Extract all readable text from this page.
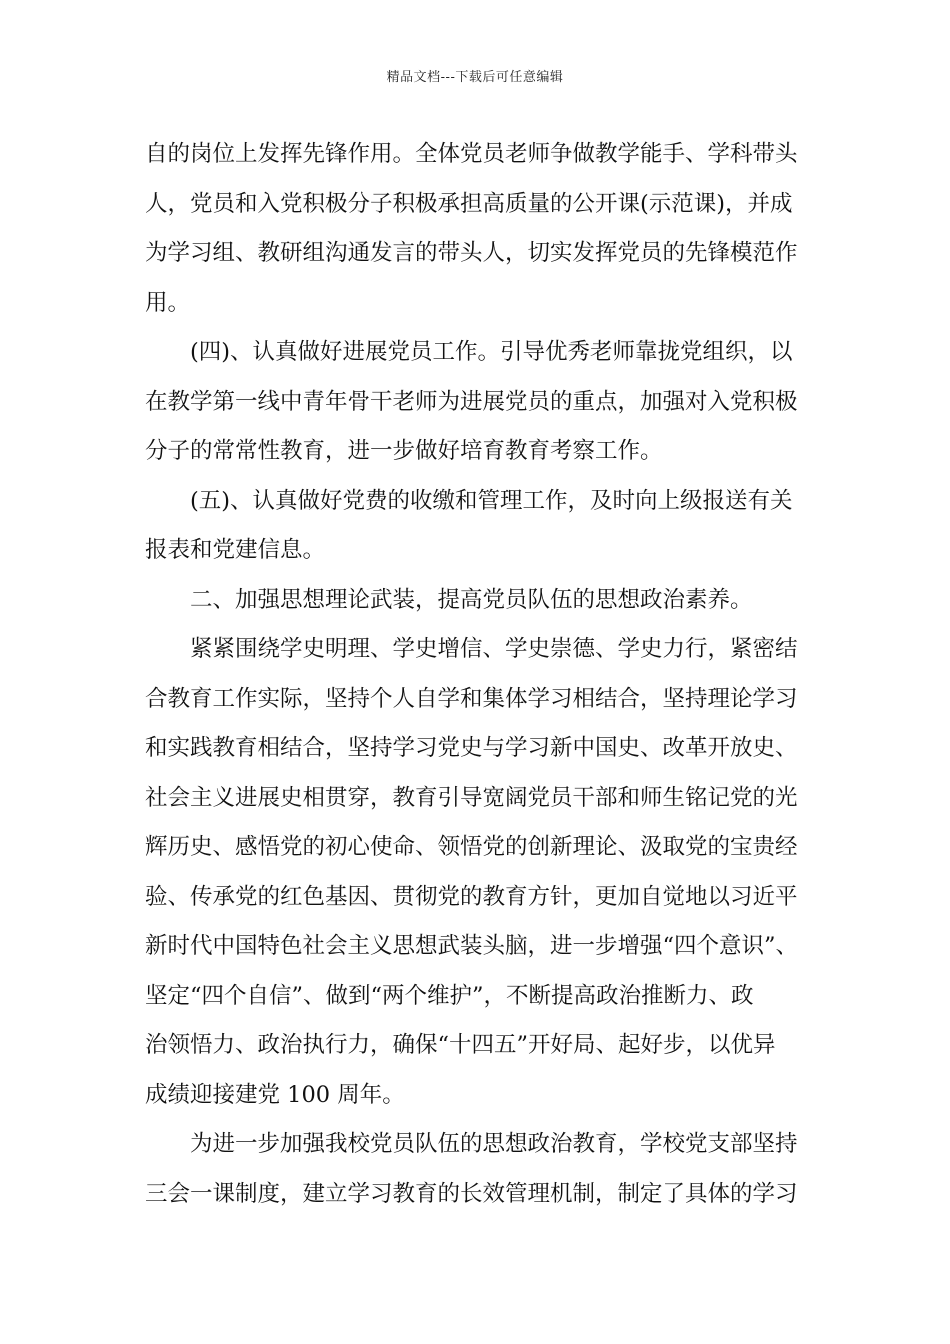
精品文档---下载后可任意编辑
自的岗位上发挥先锋作用。全体党员老师争做教学能手、学科带头
人，党员和入党积极分子积极承担高质量的公开课(示范课)，并成
为学习组、教研组沟通发言的带头人，切实发挥党员的先锋模范作
用。
(四)、认真做好进展党员工作。引导优秀老师靠拢党组织，以
在教学第一线中青年骨干老师为进展党员的重点，加强对入党积极
分子的常常性教育，进一步做好培育教育考察工作。
(五)、认真做好党费的收缴和管理工作，及时向上级报送有关
报表和党建信息。
二、加强思想理论武装，提高党员队伍的思想政治素养。
紧紧围绕学史明理、学史增信、学史崇德、学史力行，紧密结
合教育工作实际，坚持个人自学和集体学习相结合，坚持理论学习
和实践教育相结合，坚持学习党史与学习新中国史、改革开放史、
社会主义进展史相贯穿，教育引导宽阔党员干部和师生铭记党的光
辉历史、感悟党的初心使命、领悟党的创新理论、汲取党的宝贵经
验、传承党的红色基因、贯彻党的教育方针，更加自觉地以习近平
新时代中国特色社会主义思想武装头脑，进一步增强“四个意识”、
坚定“四个自信”、做到“两个维护”，不断提高政治推断力、政
治领悟力、政治执行力，确保“十四五”开好局、起好步，以优异
成绩迎接建党 100 周年。
为进一步加强我校党员队伍的思想政治教育，学校党支部坚持
三会一课制度，建立学习教育的长效管理机制，制定了具体的学习
